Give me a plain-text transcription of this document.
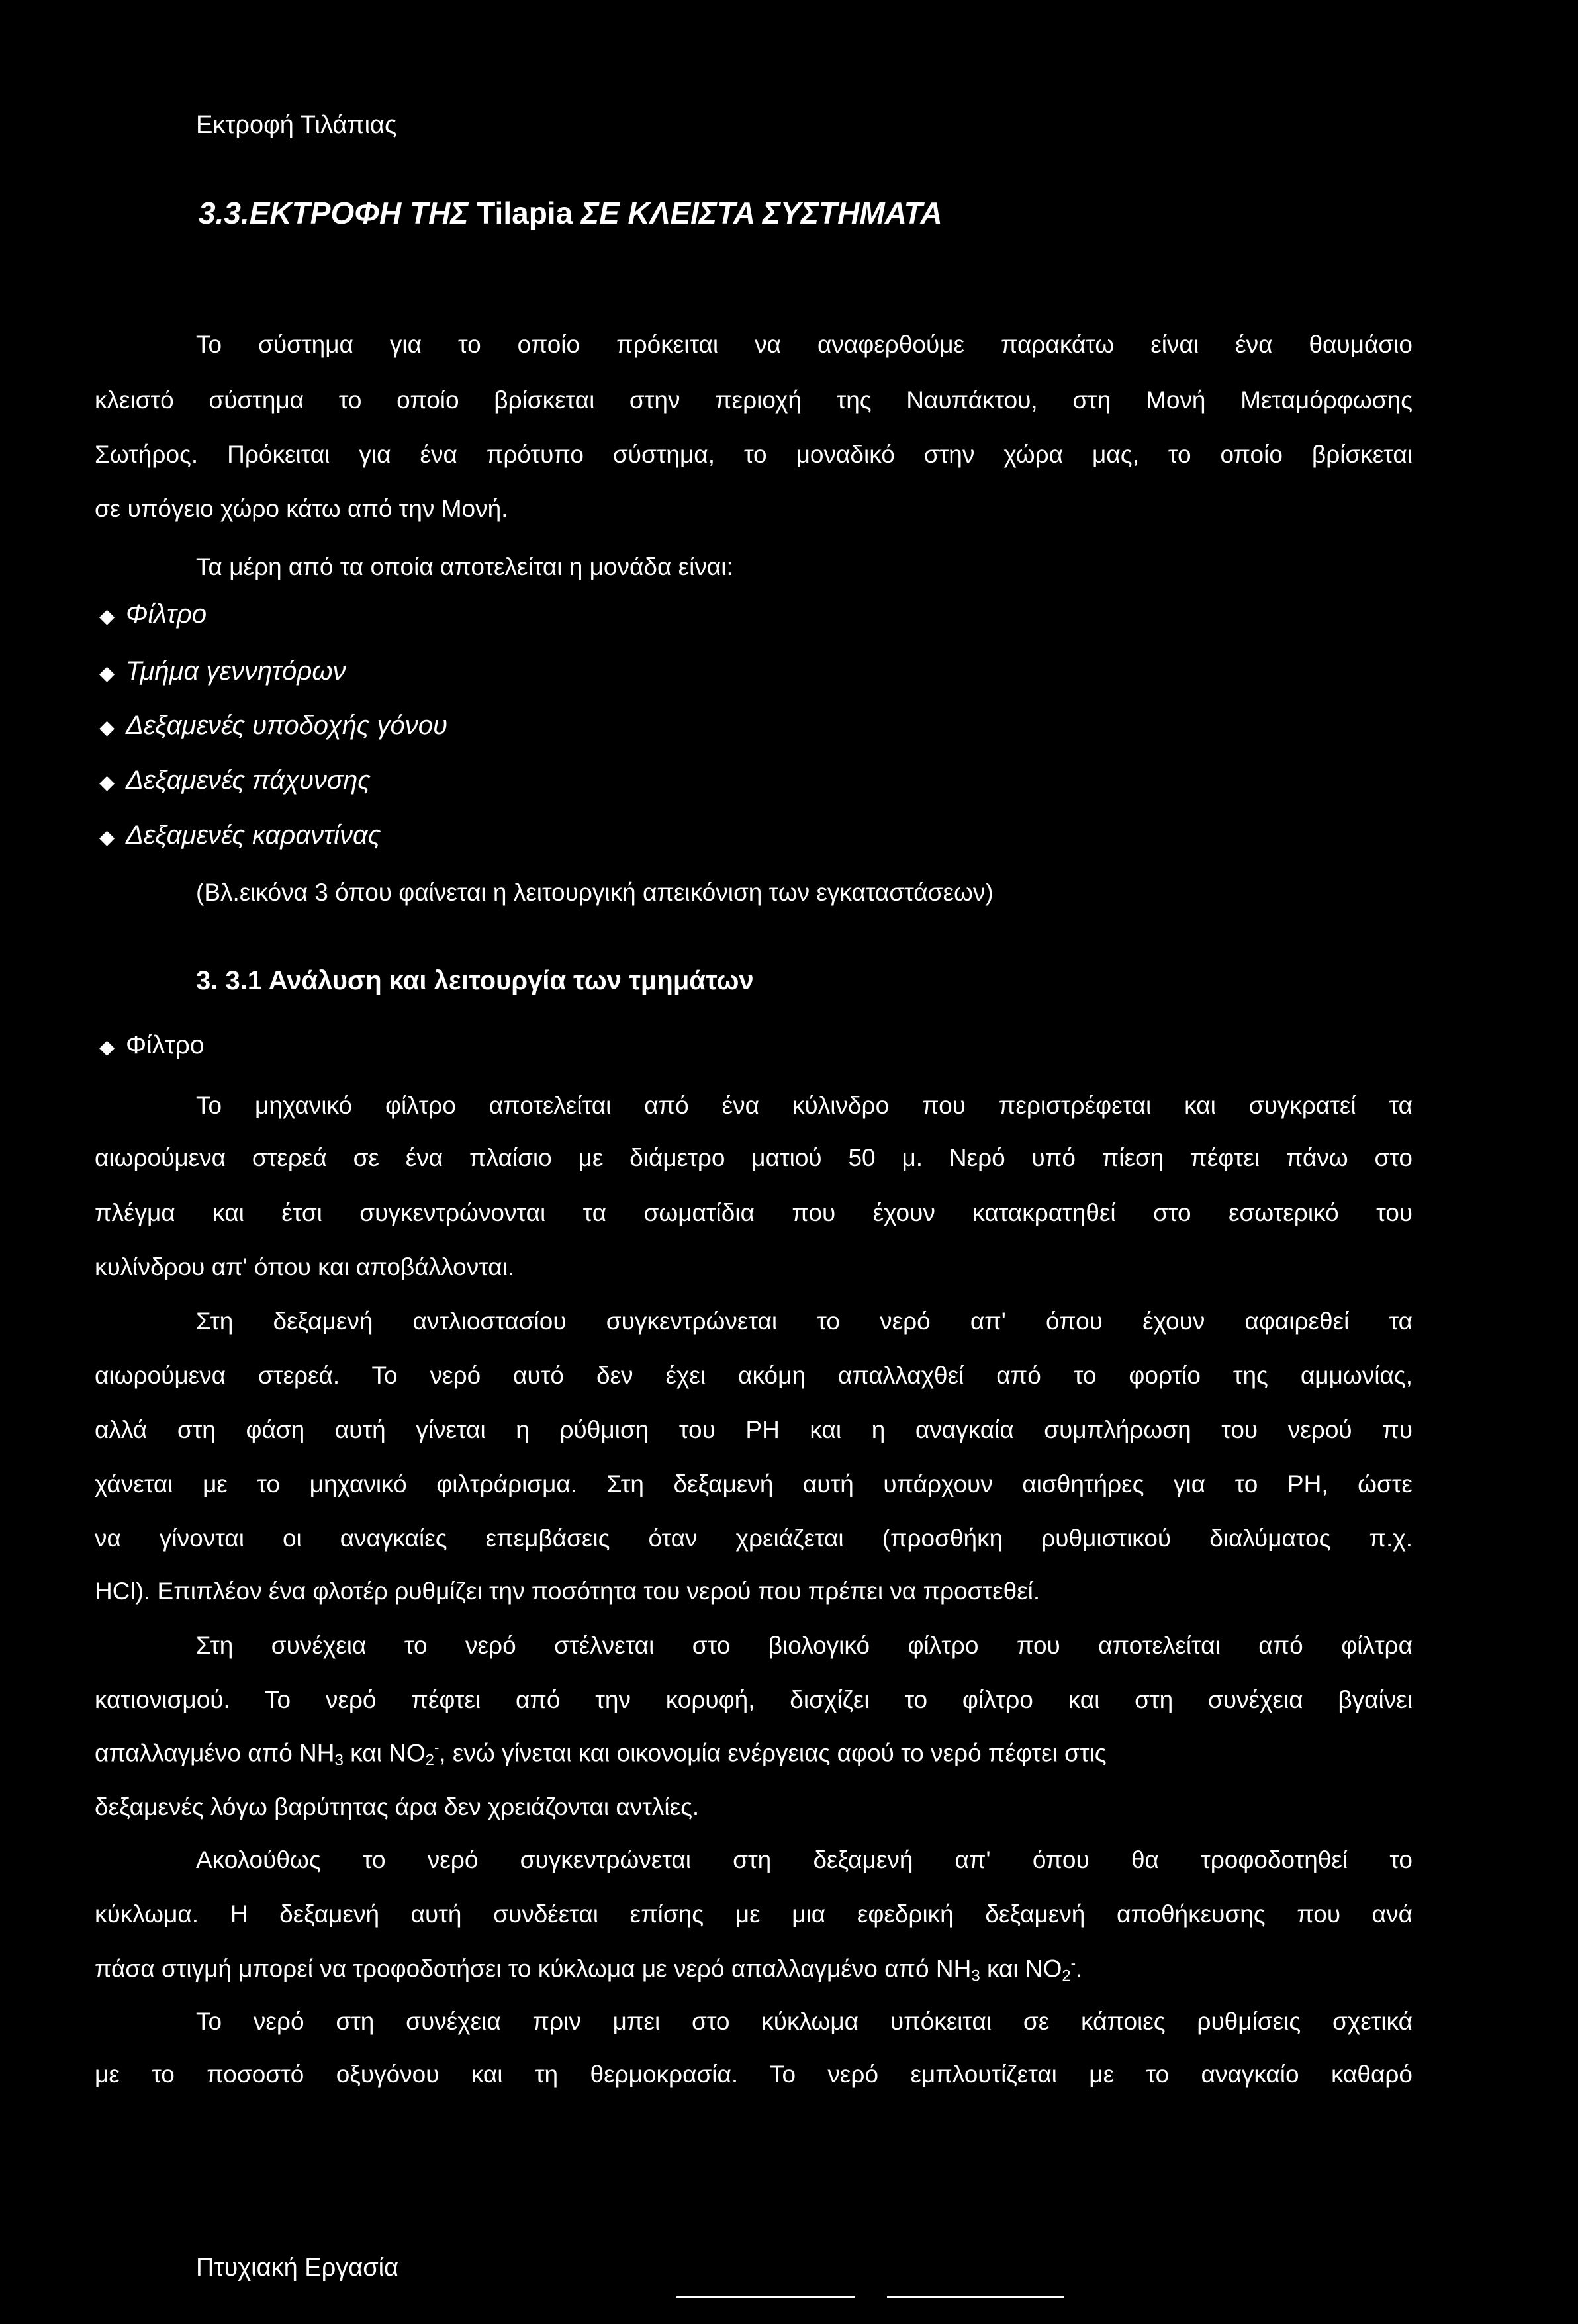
Εκτροφή Τιλάπιας
3.3.ΕΚΤΡΟΦΗ ΤΗΣ Tilapia ΣΕ ΚΛΕΙΣΤΑ ΣΥΣΤΗΜΑΤΑ
Το σύστημα για το οποίο πρόκειται να αναφερθούμε παρακάτω είναι ένα θαυμάσιο
κλειστό σύστημα το οποίο βρίσκεται στην περιοχή της Ναυπάκτου, στη Μονή Μεταμόρφωσης
Σωτήρος. Πρόκειται για ένα πρότυπο σύστημα, το μοναδικό στην χώρα μας, το οποίο βρίσκεται
σε υπόγειο χώρο κάτω από την Μονή.
Τα μέρη από τα οποία αποτελείται η μονάδα είναι:
◆ Φίλτρο
◆ Τμήμα γεννητόρων
◆ Δεξαμενές υποδοχής γόνου
◆ Δεξαμενές πάχυνσης
◆ Δεξαμενές καραντίνας
(Βλ.εικόνα 3 όπου φαίνεται η λειτουργική απεικόνιση των εγκαταστάσεων)
3. 3.1 Ανάλυση και λειτουργία των τμημάτων
◆ Φίλτρο
Το μηχανικό φίλτρο αποτελείται από ένα κύλινδρο που περιστρέφεται και συγκρατεί τα
αιωρούμενα στερεά σε ένα πλαίσιο με διάμετρο ματιού 50 μ. Νερό υπό πίεση πέφτει πάνω στο
πλέγμα και έτσι συγκεντρώνονται τα σωματίδια που έχουν κατακρατηθεί στο εσωτερικό του
κυλίνδρου απ' όπου και αποβάλλονται.
Στη δεξαμενή αντλιοστασίου συγκεντρώνεται το νερό απ' όπου έχουν αφαιρεθεί τα
αιωρούμενα στερεά. Το νερό αυτό δεν έχει ακόμη απαλλαχθεί από το φορτίο της αμμωνίας,
αλλά στη φάση αυτή γίνεται η ρύθμιση του PH και η αναγκαία συμπλήρωση του νερού πυ
χάνεται με το μηχανικό φιλτράρισμα. Στη δεξαμενή αυτή υπάρχουν αισθητήρες για το PH, ώστε
να γίνονται οι αναγκαίες επεμβάσεις όταν χρειάζεται (προσθήκη ρυθμιστικού διαλύματος π.χ.
HCl). Επιπλέον ένα φλοτέρ ρυθμίζει την ποσότητα του νερού που πρέπει να προστεθεί.
Στη συνέχεια το νερό στέλνεται στο βιολογικό φίλτρο που αποτελείται από φίλτρα
κατιονισμού. Το νερό πέφτει από την κορυφή, δισχίζει το φίλτρο και στη συνέχεια βγαίνει
απαλλαγμένο από $NH_3$ και $NO_2^-$, ενώ γίνεται και οικονομία ενέργειας αφού το νερό πέφτει στις
δεξαμενές λόγω βαρύτητας άρα δεν χρειάζονται αντλίες.
Ακολούθως το νερό συγκεντρώνεται στη δεξαμενή απ' όπου θα τροφοδοτηθεί το
κύκλωμα. Η δεξαμενή αυτή συνδέεται επίσης με μια εφεδρική δεξαμενή αποθήκευσης που ανά
πάσα στιγμή μπορεί να τροφοδοτήσει το κύκλωμα με νερό απαλλαγμένο από $NH_3$ και $NO_2^-$.
Το νερό στη συνέχεια πριν μπει στο κύκλωμα υπόκειται σε κάποιες ρυθμίσεις σχετικά
με το ποσοστό οξυγόνου και τη θερμοκρασία. Το νερό εμπλουτίζεται με το αναγκαίο καθαρό
Πτυχιακή Εργασία
